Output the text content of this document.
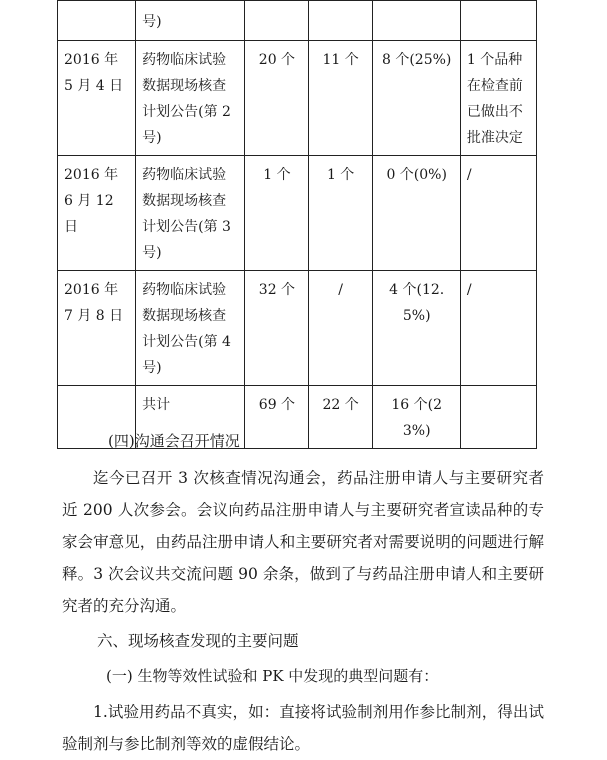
	号)				
2016 年 5 月 4 日	药物临床试验数据现场核查计划公告(第 2 号)	20 个	11 个	8 个(25%)	1 个品种在检查前已做出不批准决定
2016 年 6 月 12 日	药物临床试验数据现场核查计划公告(第 3 号)	1 个	1 个	0 个(0%)	/
2016 年 7 月 8 日	药物临床试验数据现场核查计划公告(第 4 号)	32 个	/	4 个(12.5%)	/
	共计	69 个	22 个	16 个(23%)	
(四)沟通会召开情况
迄今已召开 3 次核查情况沟通会，药品注册申请人与主要研究者近 200 人次参会。会议向药品注册申请人与主要研究者宣读品种的专家会审意见，由药品注册申请人和主要研究者对需要说明的问题进行解释。3 次会议共交流问题 90 余条，做到了与药品注册申请人和主要研究者的充分沟通。
六、现场核查发现的主要问题
(一) 生物等效性试验和 PK 中发现的典型问题有：
1.试验用药品不真实，如：直接将试验制剂用作参比制剂，得出试验制剂与参比制剂等效的虚假结论。
